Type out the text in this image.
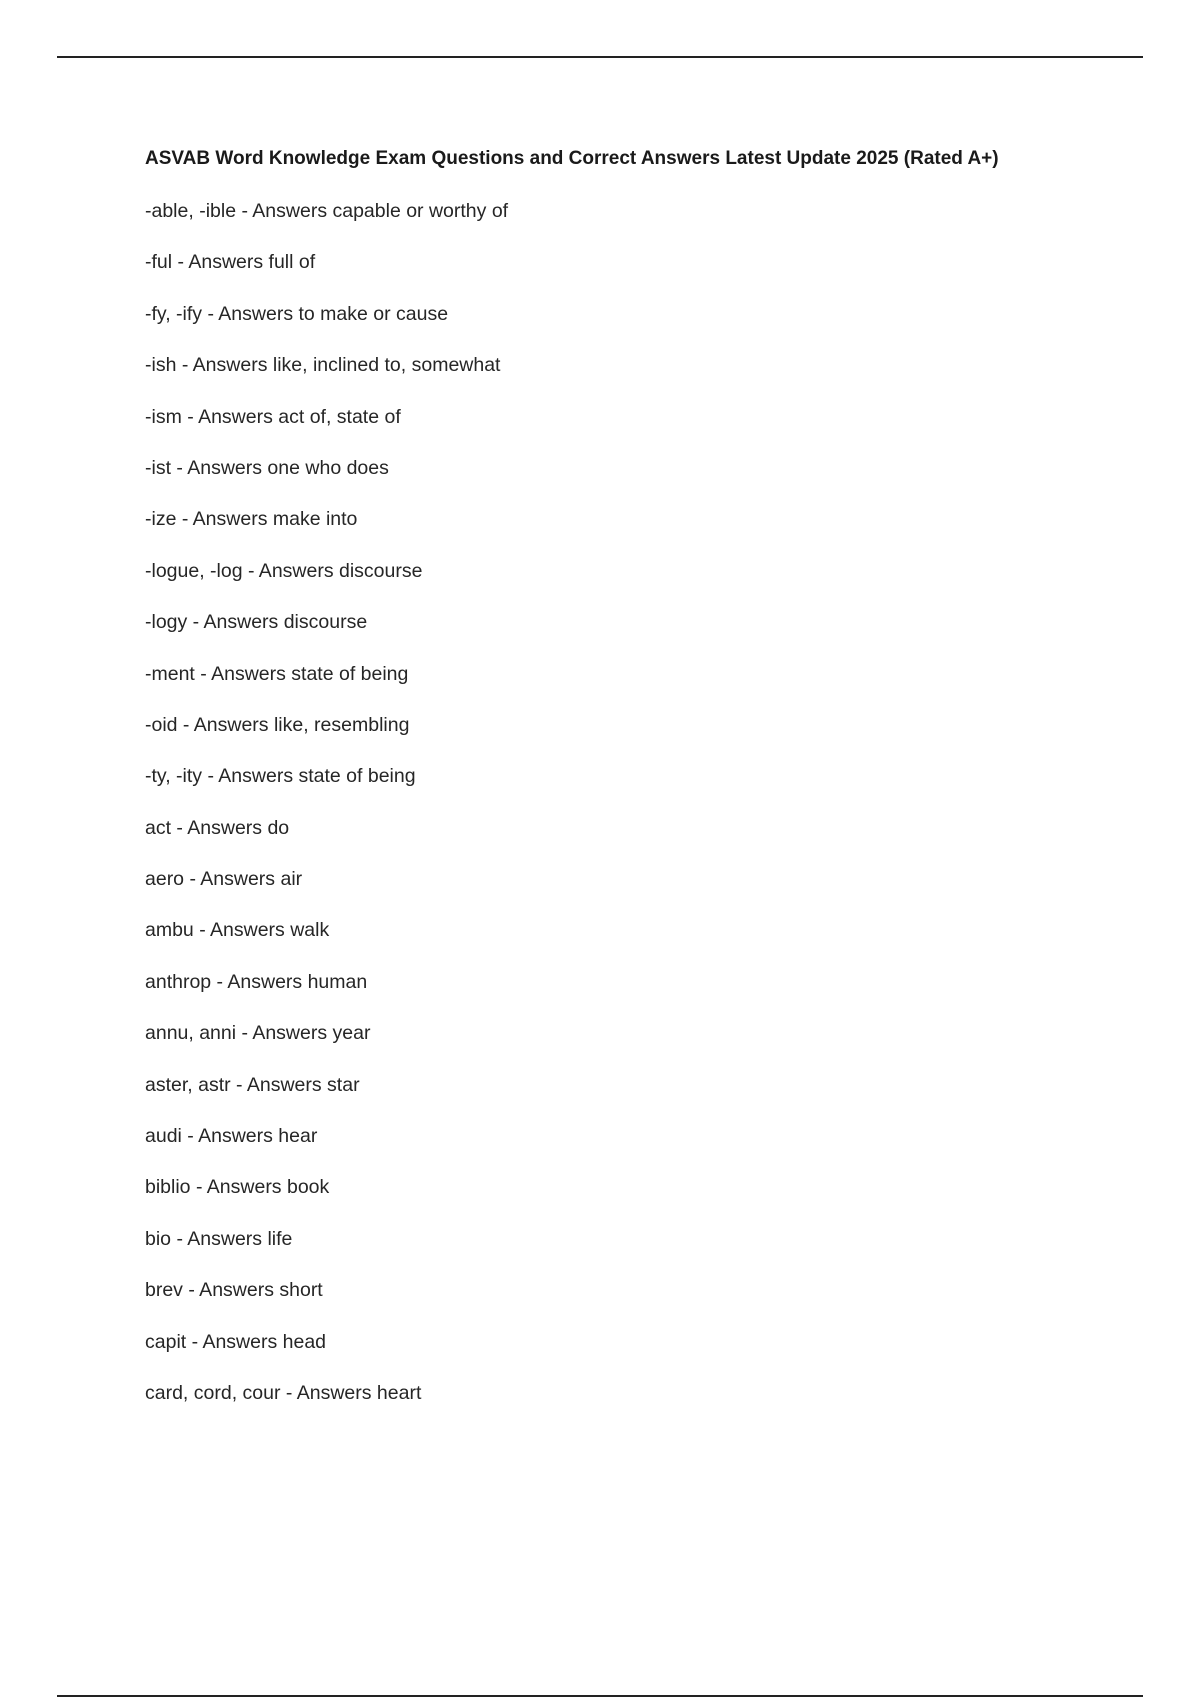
ASVAB Word Knowledge Exam Questions and Correct Answers Latest Update 2025 (Rated A+)
-able, -ible - Answers capable or worthy of
-ful - Answers full of
-fy, -ify - Answers to make or cause
-ish - Answers like, inclined to, somewhat
-ism - Answers act of, state of
-ist - Answers one who does
-ize - Answers make into
-logue, -log - Answers discourse
-logy - Answers discourse
-ment - Answers state of being
-oid - Answers like, resembling
-ty, -ity - Answers state of being
act - Answers do
aero - Answers air
ambu - Answers walk
anthrop - Answers human
annu, anni - Answers year
aster, astr - Answers star
audi - Answers hear
biblio - Answers book
bio - Answers life
brev - Answers short
capit - Answers head
card, cord, cour - Answers heart
